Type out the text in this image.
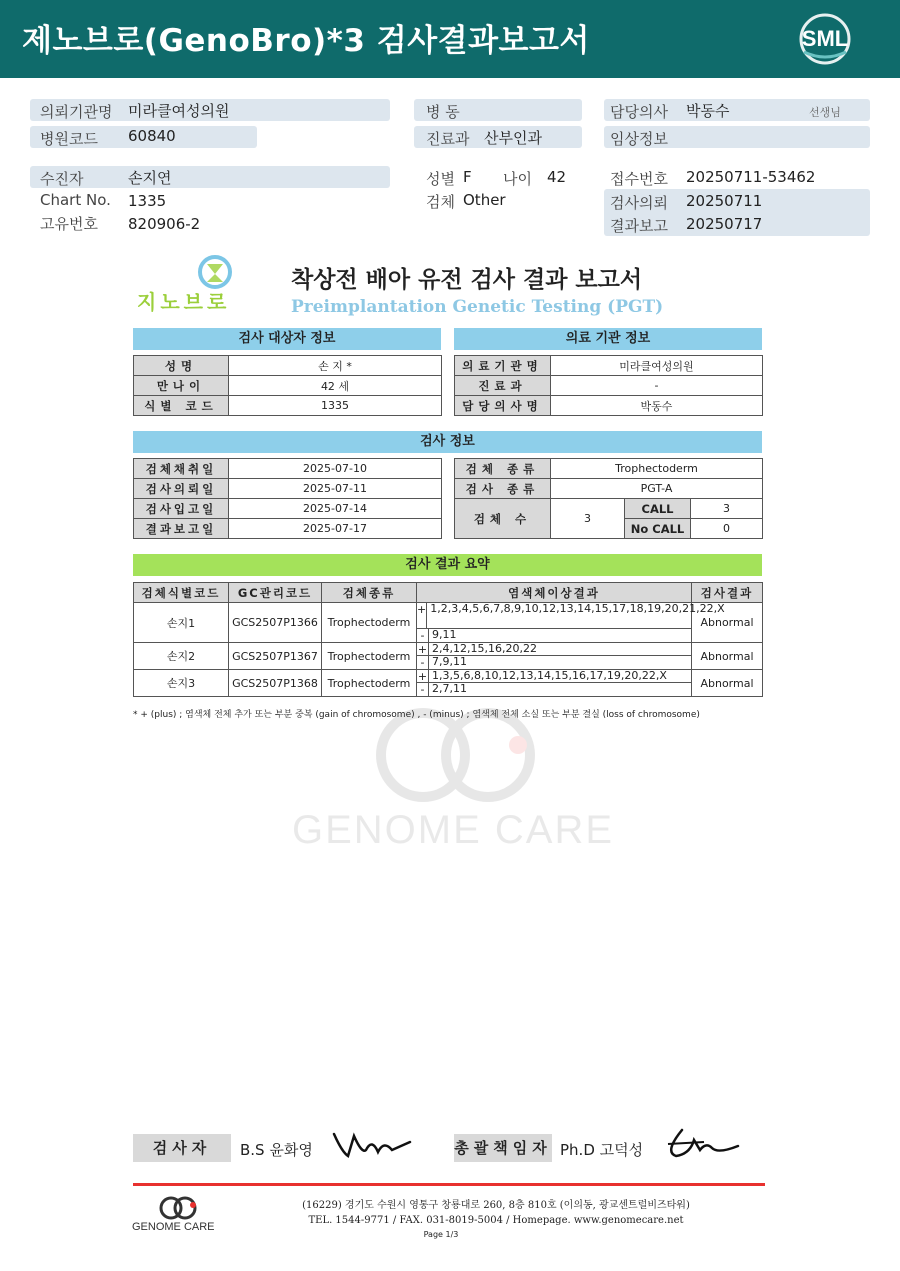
제노브로(GenoBro)*3 검사결과보고서	SML
의뢰기관명 미라클여성의원
병원코드 60840
수진자	손지연
Chart No. 1335
고유번호 820906-2
병 동
진료과 산부인과
성별 F 나이 42
검체 Other
담당의사 박동수	선생님
임상정보
접수번호 20250711-53462
검사의뢰 20250711
결과보고 20250717
지노브로
착상전 배아 유전 검사 결과 보고서
Preimplantation Genetic Testing (PGT)
검사 대상자 정보
성명	손 지 *
만나이	42 세
식별 코드	1335
의료 기관 정보
의료기관명	미라클여성의원
진료과	-
담당의사명	박동수
검사 정보
검체채취일	2025-07-10
검사의뢰일	2025-07-11
검사입고일	2025-07-14
결과보고일	2025-07-17
검체 종류	Trophectoderm		
검사 종류	PGT-A		
검체 수	3	CALL	3
		No CALL	0
검사 결과 요약
검체식별코드	GC관리코드	검체종류	염색체이상결과	검사결과
손지1	GCS2507P1366	Trophectoderm	+ 1,2,3,4,5,6,7,8,9,10,12,13,14,15,17,18,19,20,21,22,X
- 9,11	Abnormal
손지2	GCS2507P1367	Trophectoderm	+ 2,4,12,15,16,20,22
- 7,9,11	Abnormal
손지3	GCS2507P1368	Trophectoderm	+ 1,3,5,6,8,10,12,13,14,15,16,17,19,20,22,X
- 2,7,11	Abnormal
* + (plus) ; 염색체 전체 추가 또는 부분 중복 (gain of chromosome) , - (minus) ; 염색체 전체 소실 또는 부분 결실 (loss of chromosome)
GENOME CARE
검사자	B.S 윤화영	총괄책임자 Ph.D 고덕성
GENOME CARE
(16229) 경기도 수원시 영통구 창룡대로 260, 8층 810호 (이의동, 광교센트럴비즈타워)
TEL. 1544-9771 / FAX. 031-8019-5004 / Homepage. www.genomecare.net
Page 1/3
